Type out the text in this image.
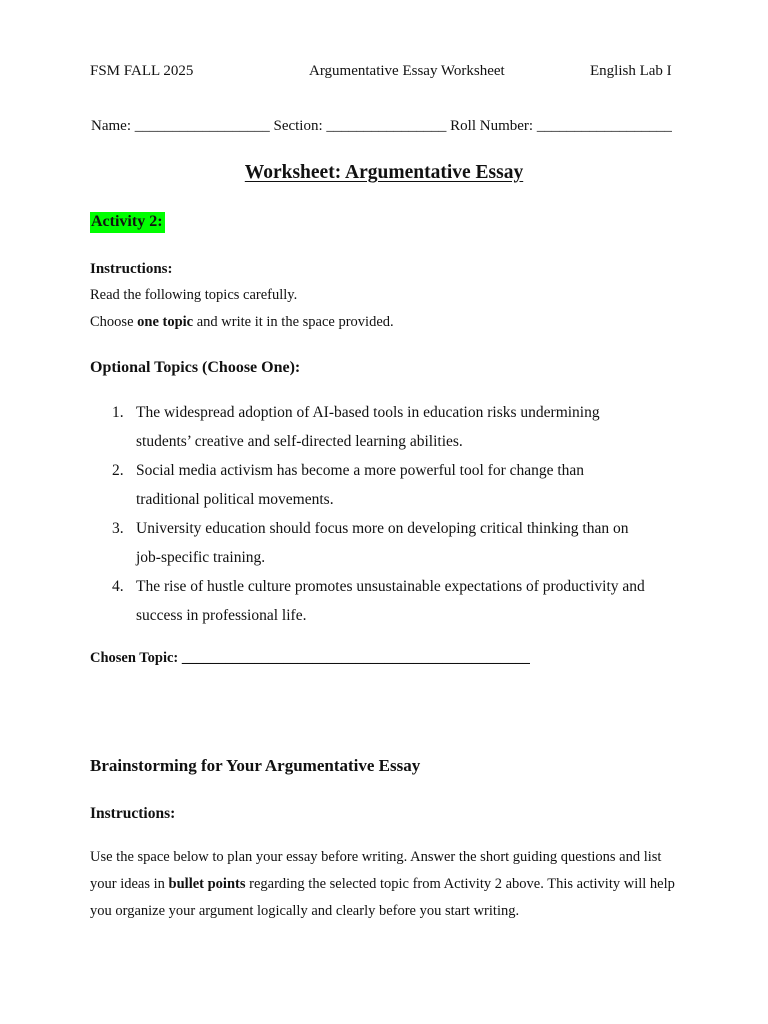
FSM FALL 2025	Argumentative Essay Worksheet	English Lab I
Name: __________________ Section: ________________ Roll Number: __________________
Worksheet: Argumentative Essay
Activity 2:
Instructions:
Read the following topics carefully.
Choose one topic and write it in the space provided.
Optional Topics (Choose One):
1. The widespread adoption of AI-based tools in education risks undermining
students’ creative and self-directed learning abilities.
2. Social media activism has become a more powerful tool for change than
traditional political movements.
3. University education should focus more on developing critical thinking than on
job-specific training.
4. The rise of hustle culture promotes unsustainable expectations of productivity and
success in professional life.
Chosen Topic: ________________________________________________
Brainstorming for Your Argumentative Essay
Instructions:
Use the space below to plan your essay before writing. Answer the short guiding questions and list your ideas in bullet points regarding the selected topic from Activity 2 above. This activity will help you organize your argument logically and clearly before you start writing.
